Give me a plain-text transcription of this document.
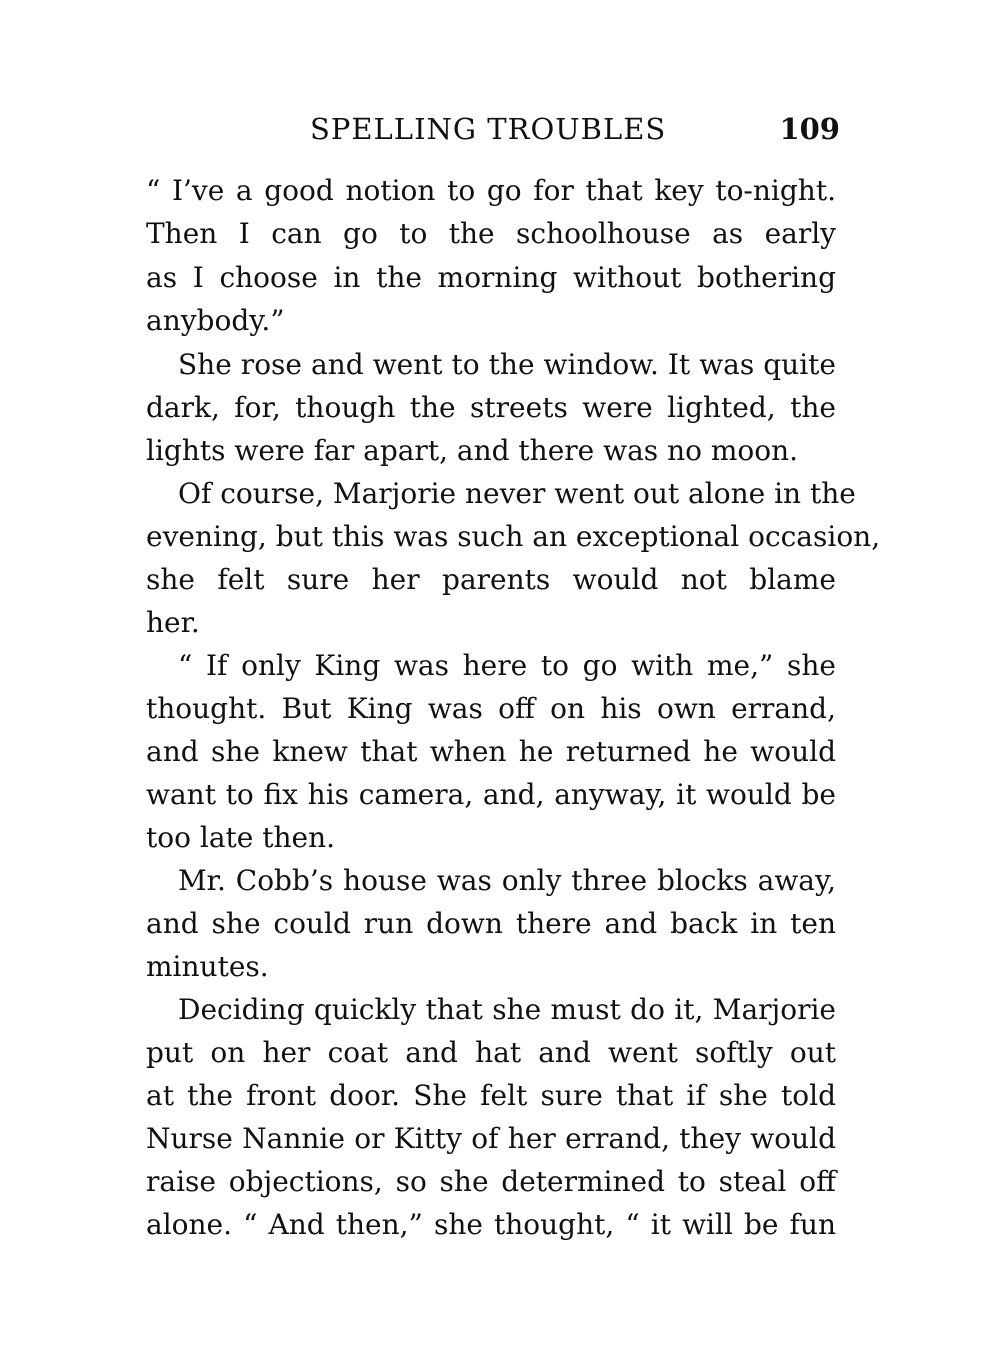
SPELLING TROUBLES	109
“ I’ve a good notion to go for that key to-night.
Then I can go to the schoolhouse as early
as I choose in the morning without bothering
anybody.”
She rose and went to the window. It was quite
dark, for, though the streets were lighted, the
lights were far apart, and there was no moon.
Of course, Marjorie never went out alone in the
evening, but this was such an exceptional occasion,
she felt sure her parents would not blame
her.
“ If only King was here to go with me,” she
thought. But King was off on his own errand,
and she knew that when he returned he would
want to fix his camera, and, anyway, it would be
too late then.
Mr. Cobb’s house was only three blocks away,
and she could run down there and back in ten
minutes.
Deciding quickly that she must do it, Marjorie
put on her coat and hat and went softly out
at the front door. She felt sure that if she told
Nurse Nannie or Kitty of her errand, they would
raise objections, so she determined to steal off
alone. “ And then,” she thought, “ it will be fun
